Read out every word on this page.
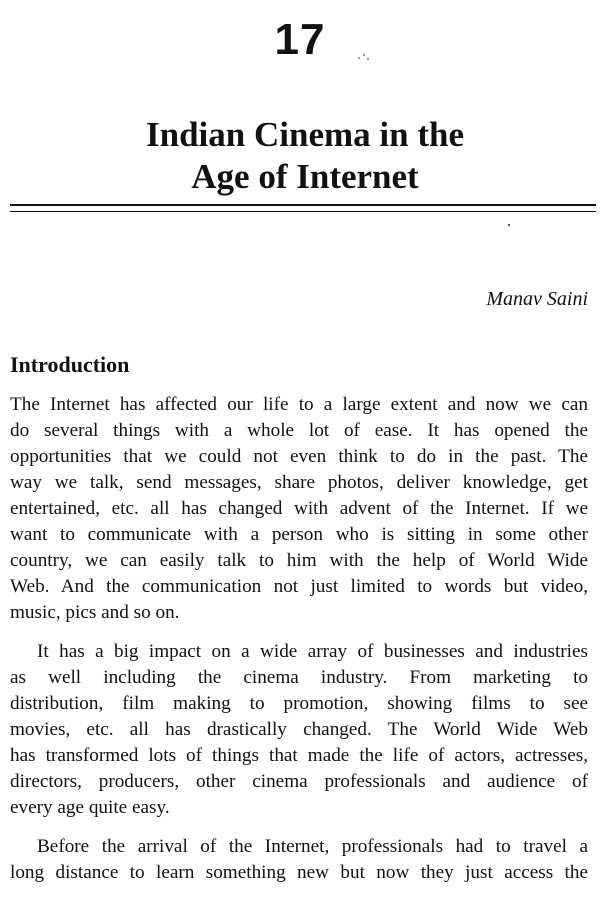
17
Indian Cinema in the
Age of Internet
Manav Saini
Introduction
The Internet has affected our life to a large extent and now we can
do several things with a whole lot of ease. It has opened the
opportunities that we could not even think to do in the past. The
way we talk, send messages, share photos, deliver knowledge, get
entertained, etc. all has changed with advent of the Internet. If we
want to communicate with a person who is sitting in some other
country, we can easily talk to him with the help of World Wide
Web. And the communication not just limited to words but video,
music, pics and so on.
It has a big impact on a wide array of businesses and industries
as well including the cinema industry. From marketing to
distribution, film making to promotion, showing films to see
movies, etc. all has drastically changed. The World Wide Web
has transformed lots of things that made the life of actors, actresses,
directors, producers, other cinema professionals and audience of
every age quite easy.
Before the arrival of the Internet, professionals had to travel a
long distance to learn something new but now they just access the
